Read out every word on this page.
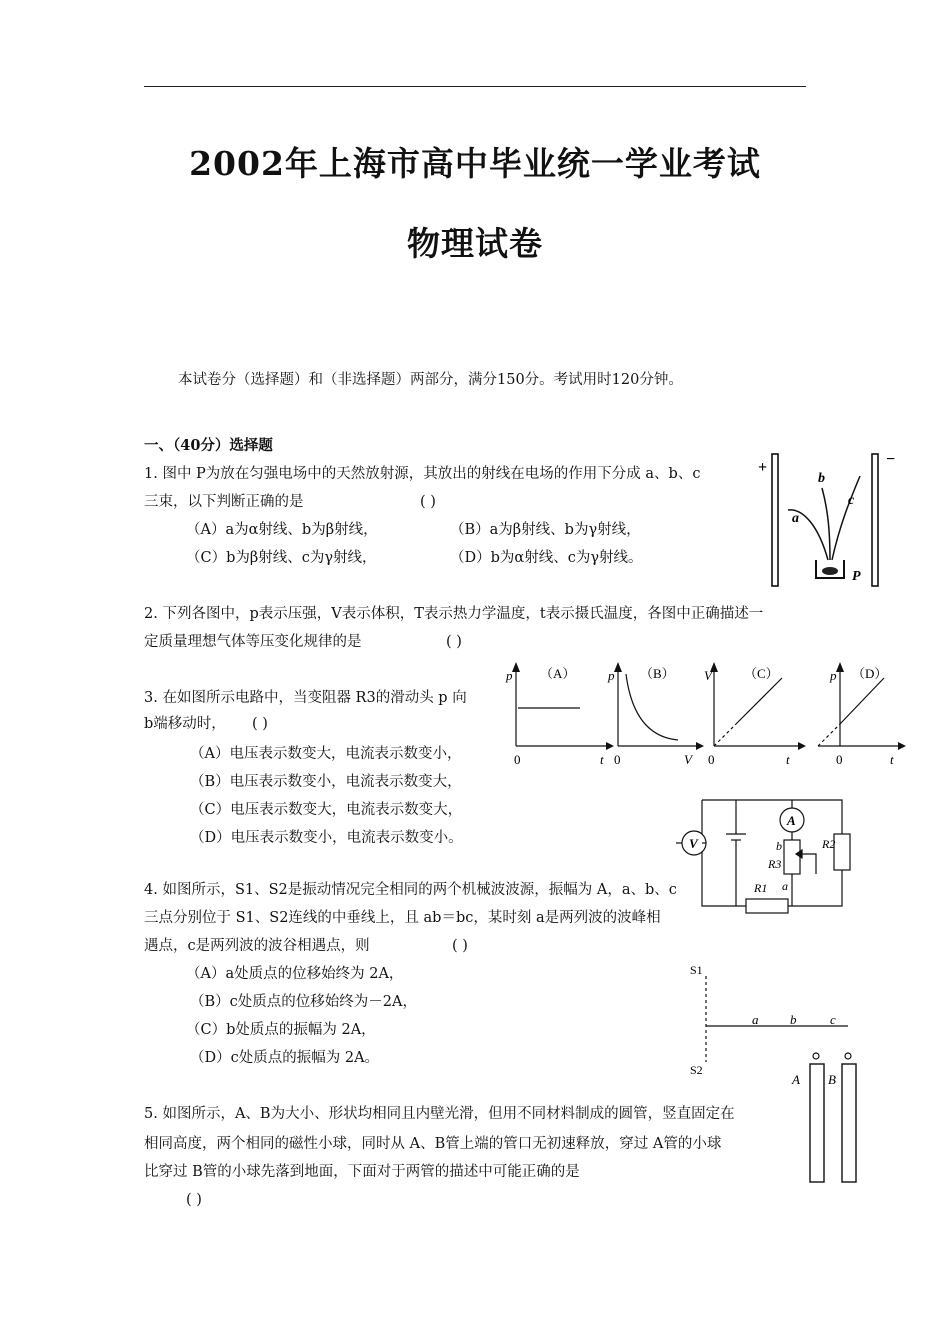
2002年上海市高中毕业统一学业考试
物理试卷
本试卷分（选择题）和（非选择题）两部分，满分150分。考试用时120分钟。
一、（40分）选择题
1. 图中 P为放在匀强电场中的天然放射源，其放出的射线在电场的作用下分成 a、b、c
三束，以下判断正确的是	( )
（A）a为α射线、b为β射线，	（B）a为β射线、b为γ射线，
（C）b为β射线、c为γ射线，	（D）b为α射线、c为γ射线。
+	−
a
b
c
P
2. 下列各图中，p表示压强，V表示体积，T表示热力学温度，t表示摄氏温度，各图中正确描述一
定质量理想气体等压变化规律的是	( )
p
t
0
（A）	p
V
0
（B） V
t
0
（C）	p
t
0
（D）
3. 在如图所示电路中，当变阻器 R3的滑动头 p 向
b端移动时， ( )
（A）电压表示数变大，电流表示数变小，
（B）电压表示数变小，电流表示数变大，
（C）电压表示数变大，电流表示数变大，
（D）电压表示数变小，电流表示数变小。
A
V	R2
R3
R1
b
a
4. 如图所示，S1、S2是振动情况完全相同的两个机械波波源，振幅为 A，a、b、c
三点分别位于 S1、S2连线的中垂线上，且 ab＝bc，某时刻 a是两列波的波峰相
遇点，c是两列波的波谷相遇点，则	( )
（A）a处质点的位移始终为 2A，
（B）c处质点的位移始终为－2A，
（C）b处质点的振幅为 2A，
（D）c处质点的振幅为 2A。
S1
S2
a b	c
5. 如图所示，A、B为大小、形状均相同且内壁光滑，但用不同材料制成的圆管，竖直固定在
相同高度，两个相同的磁性小球，同时从 A、B管上端的管口无初速释放，穿过 A管的小球
比穿过 B管的小球先落到地面，下面对于两管的描述中可能正确的是
( )
A B
